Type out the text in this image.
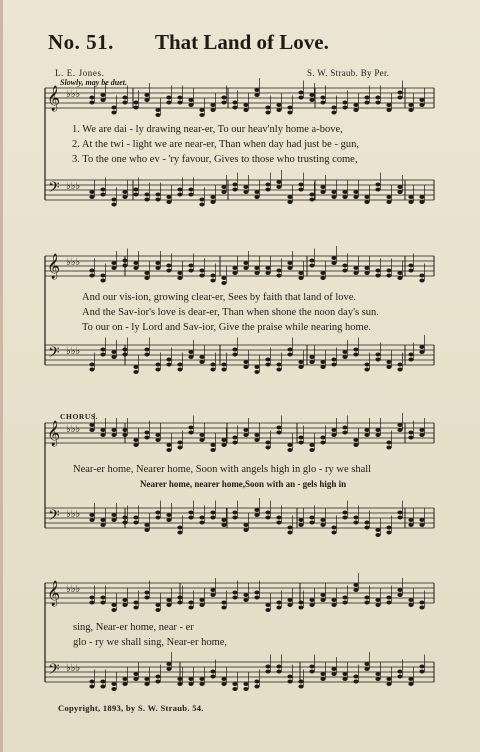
No. 51. That Land of Love.
L. E. Jones.	S. W. Straub. By Per.
Slowly, may be duet.
CHORUS.
𝄞
𝄢
♭♭♭
♭♭♭
𝄞
𝄢
♭♭♭
♭♭♭
𝄞
𝄢
♭♭♭
♭♭♭
𝄞
𝄢
♭♭♭
♭♭♭
1. We are dai - ly drawing near-er, To our heav'nly home a-bove,
2. At the twi - light we are near-er, Than when day had just be - gun,
3. To the one who ev - 'ry favour, Gives to those who trusting come,
And our vis-ion, growing clear-er, Sees by faith that land of love.
And the Sav-ior's love is dear-er, Than when shone the noon day's sun.
To our on - ly Lord and Sav-ior, Give the praise while nearing home.
Near-er home, Nearer home, Soon with angels high in glo - ry we shall
Nearer home, nearer home,Soon with an - gels high in
sing, Near-er home, near - er
glo - ry we shall sing, Near-er home,
Copyright, 1893, by S. W. Straub. 54.
